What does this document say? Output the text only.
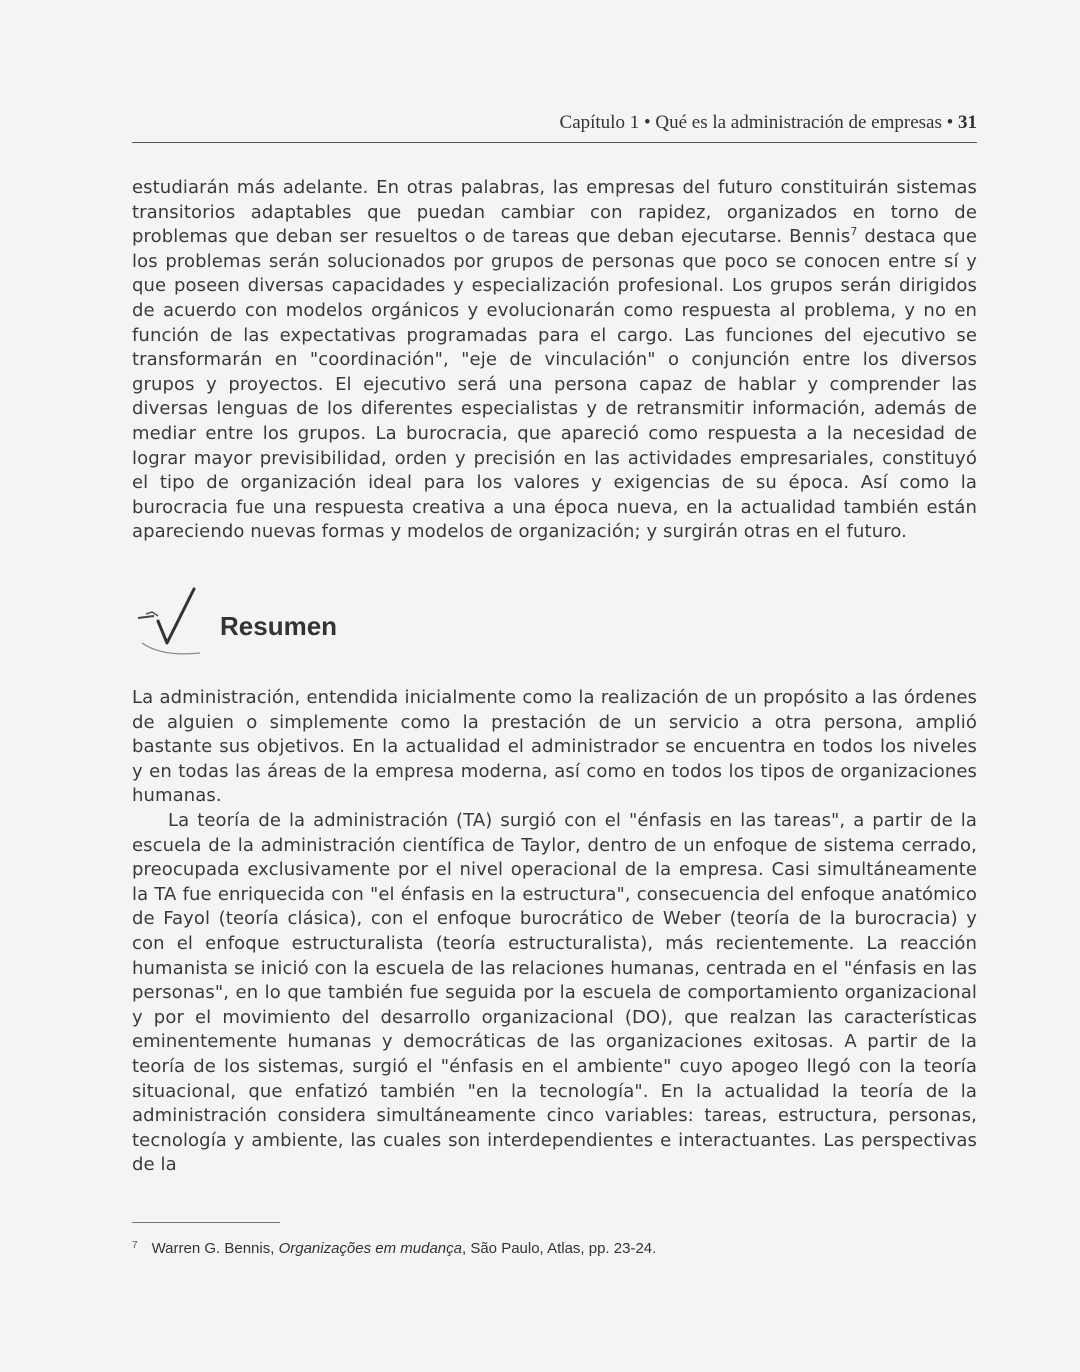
Capítulo 1 • Qué es la administración de empresas • 31

estudiarán más adelante. En otras palabras, las empresas del futuro constituirán sistemas transitorios adaptables que puedan cambiar con rapidez, organizados en torno de problemas que deban ser resueltos o de tareas que deban ejecutarse. Bennis$^7$ destaca que los problemas serán solucionados por grupos de personas que poco se conocen entre sí y que poseen diversas capacidades y especialización profesional. Los grupos serán dirigidos de acuerdo con modelos orgánicos y evolucionarán como respuesta al problema, y no en función de las expectativas programadas para el cargo. Las funciones del ejecutivo se transformarán en "coordinación", "eje de vinculación" o conjunción entre los diversos grupos y proyectos. El ejecutivo será una persona capaz de hablar y comprender las diversas lenguas de los diferentes especialistas y de retransmitir información, además de mediar entre los grupos. La burocracia, que apareció como respuesta a la necesidad de lograr mayor previsibilidad, orden y precisión en las actividades empresariales, constituyó el tipo de organización ideal para los valores y exigencias de su época. Así como la burocracia fue una respuesta creativa a una época nueva, en la actualidad también están apareciendo nuevas formas y modelos de organización; y surgirán otras en el futuro.

Resumen

La administración, entendida inicialmente como la realización de un propósito a las órdenes de alguien o simplemente como la prestación de un servicio a otra persona, amplió bastante sus objetivos. En la actualidad el administrador se encuentra en todos los niveles y en todas las áreas de la empresa moderna, así como en todos los tipos de organizaciones humanas.

La teoría de la administración (TA) surgió con el "énfasis en las tareas", a partir de la escuela de la administración científica de Taylor, dentro de un enfoque de sistema cerrado, preocupada exclusivamente por el nivel operacional de la empresa. Casi simultáneamente la TA fue enriquecida con "el énfasis en la estructura", consecuencia del enfoque anatómico de Fayol (teoría clásica), con el enfoque burocrático de Weber (teoría de la burocracia) y con el enfoque estructuralista (teoría estructuralista), más recientemente. La reacción humanista se inició con la escuela de las relaciones humanas, centrada en el "énfasis en las personas", en lo que también fue seguida por la escuela de comportamiento organizacional y por el movimiento del desarrollo organizacional (DO), que realzan las características eminentemente humanas y democráticas de las organizaciones exitosas. A partir de la teoría de los sistemas, surgió el "énfasis en el ambiente" cuyo apogeo llegó con la teoría situacional, que enfatizó también "en la tecnología". En la actualidad la teoría de la administración considera simultáneamente cinco variables: tareas, estructura, personas, tecnología y ambiente, las cuales son interdependientes e interactuantes. Las perspectivas de la

$^7$ Warren G. Bennis, Organizações em mudança, São Paulo, Atlas, pp. 23-24.
